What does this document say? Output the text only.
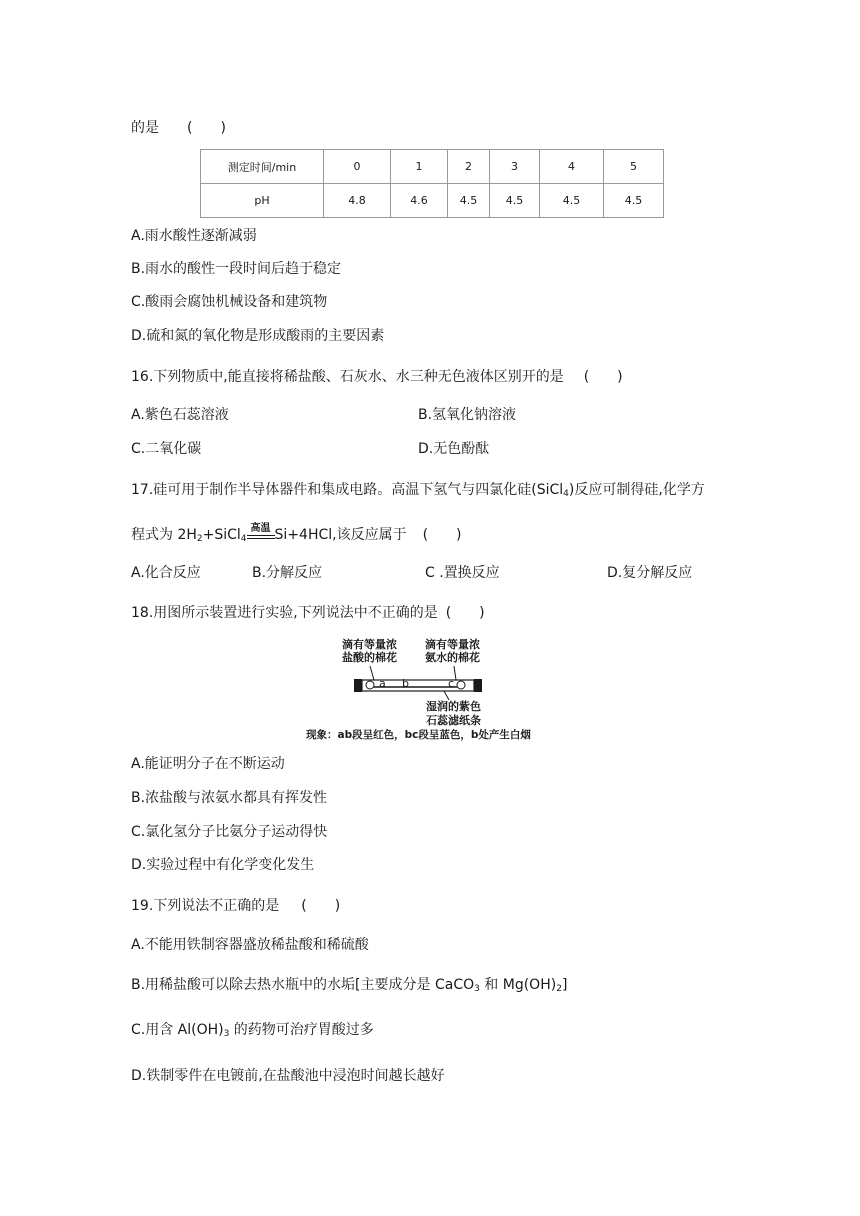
的是 (　　)
测定时间/min	0	1	2	3	4	5
pH	4.8	4.6	4.5	4.5	4.5	4.5
A.雨水酸性逐渐减弱
B.雨水的酸性一段时间后趋于稳定
C.酸雨会腐蚀机械设备和建筑物
D.硫和氮的氧化物是形成酸雨的主要因素
16.下列物质中,能直接将稀盐酸、石灰水、水三种无色液体区别开的是 (　　)
A.紫色石蕊溶液	B.氢氧化钠溶液
C.二氧化碳	D.无色酚酞
17.硅可用于制作半导体器件和集成电路。高温下氢气与四氯化硅(SiCl$_4$)反应可制得硅,化学方
程式为 $2H_2+SiCl_4$
高温 Si+4HCl,该反应属于 (　　)
A.化合反应	B.分解反应	C .置换反应	D.复分解反应
18.用图所示装置进行实验,下列说法中不正确的是 (　　)
滴有等量浓
盐酸的棉花
滴有等量浓
氨水的棉花
a b	c
湿润的紫色
石蕊滤纸条
现象：ab段呈红色，bc段呈蓝色，b处产生白烟
A.能证明分子在不断运动
B.浓盐酸与浓氨水都具有挥发性
C.氯化氢分子比氨分子运动得快
D.实验过程中有化学变化发生
19.下列说法不正确的是 (　　)
A.不能用铁制容器盛放稀盐酸和稀硫酸
B.用稀盐酸可以除去热水瓶中的水垢[主要成分是 CaCO$_3$ 和 $Mg(OH)_2$]
C.用含 $Al(OH)_3$ 的药物可治疗胃酸过多
D.铁制零件在电镀前,在盐酸池中浸泡时间越长越好
